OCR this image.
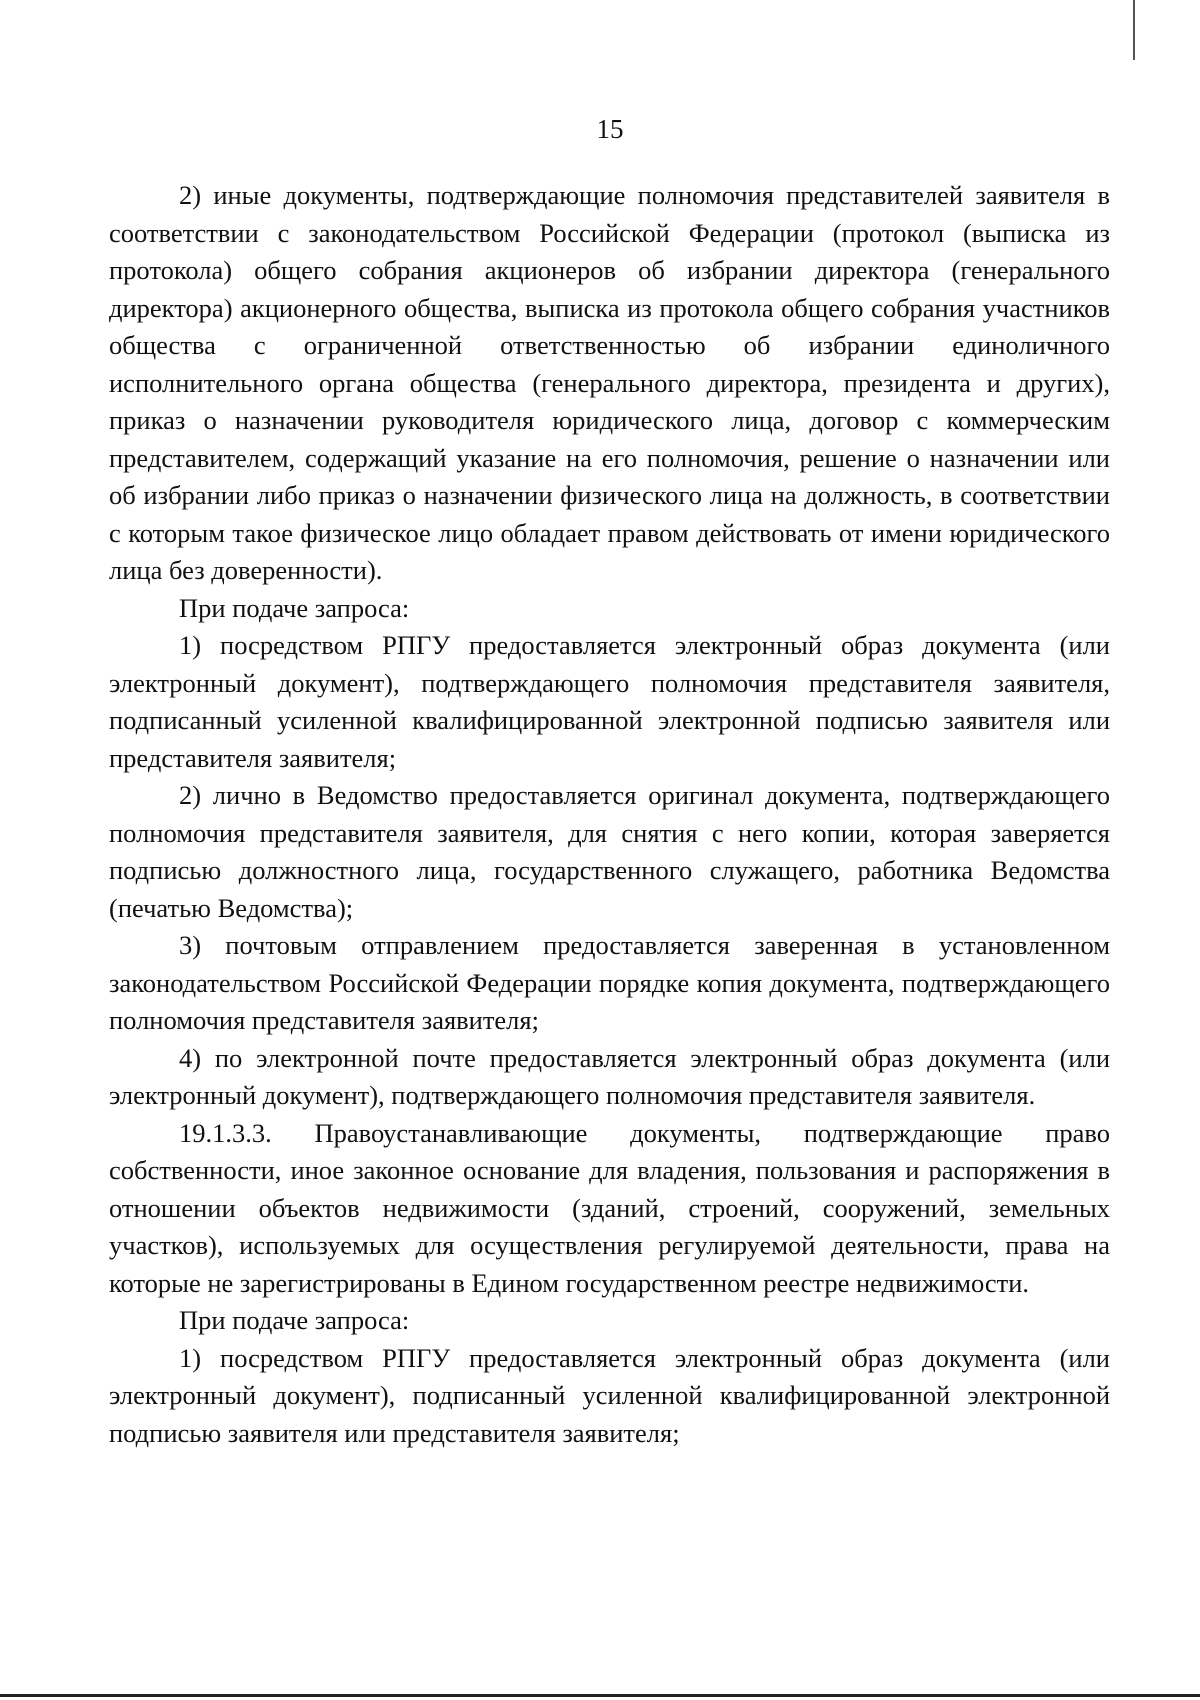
15

2) иные документы, подтверждающие полномочия представителей заявителя в соответствии с законодательством Российской Федерации (протокол (выписка из протокола) общего собрания акционеров об избрании директора (генерального директора) акционерного общества, выписка из протокола общего собрания участников общества с ограниченной ответственностью об избрании единоличного исполнительного органа общества (генерального директора, президента и других), приказ о назначении руководителя юридического лица, договор с коммерческим представителем, содержащий указание на его полномочия, решение о назначении или об избрании либо приказ о назначении физического лица на должность, в соответствии с которым такое физическое лицо обладает правом действовать от имени юридического лица без доверенности).

При подаче запроса:

1) посредством РПГУ предоставляется электронный образ документа (или электронный документ), подтверждающего полномочия представителя заявителя, подписанный усиленной квалифицированной электронной подписью заявителя или представителя заявителя;

2) лично в Ведомство предоставляется оригинал документа, подтверждающего полномочия представителя заявителя, для снятия с него копии, которая заверяется подписью должностного лица, государственного служащего, работника Ведомства (печатью Ведомства);

3) почтовым отправлением предоставляется заверенная в установленном законодательством Российской Федерации порядке копия документа, подтверждающего полномочия представителя заявителя;

4) по электронной почте предоставляется электронный образ документа (или электронный документ), подтверждающего полномочия представителя заявителя.

19.1.3.3. Правоустанавливающие документы, подтверждающие право собственности, иное законное основание для владения, пользования и распоряжения в отношении объектов недвижимости (зданий, строений, сооружений, земельных участков), используемых для осуществления регулируемой деятельности, права на которые не зарегистрированы в Едином государственном реестре недвижимости.

При подаче запроса:

1) посредством РПГУ предоставляется электронный образ документа (или электронный документ), подписанный усиленной квалифицированной электронной подписью заявителя или представителя заявителя;
